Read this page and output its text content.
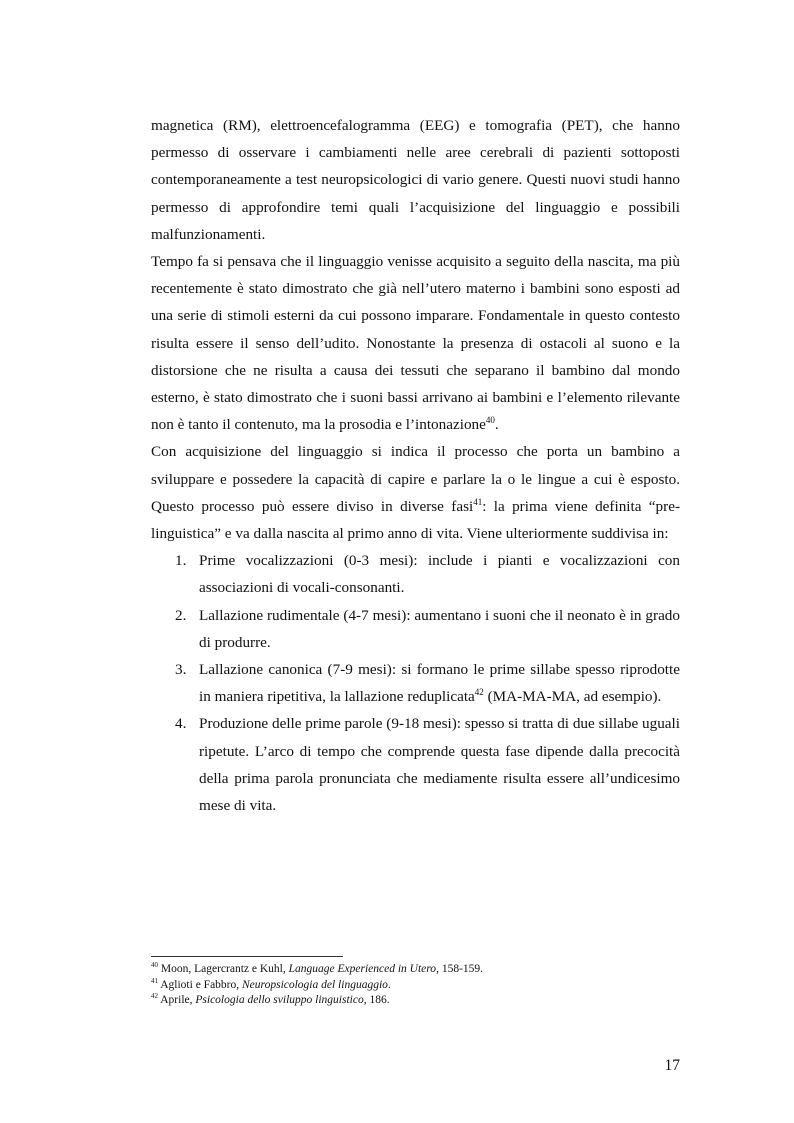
magnetica (RM), elettroencefalogramma (EEG) e tomografia (PET), che hanno permesso di osservare i cambiamenti nelle aree cerebrali di pazienti sottoposti contemporaneamente a test neuropsicologici di vario genere. Questi nuovi studi hanno permesso di approfondire temi quali l’acquisizione del linguaggio e possibili malfunzionamenti.

Tempo fa si pensava che il linguaggio venisse acquisito a seguito della nascita, ma più recentemente è stato dimostrato che già nell’utero materno i bambini sono esposti ad una serie di stimoli esterni da cui possono imparare. Fondamentale in questo contesto risulta essere il senso dell’udito. Nonostante la presenza di ostacoli al suono e la distorsione che ne risulta a causa dei tessuti che separano il bambino dal mondo esterno, è stato dimostrato che i suoni bassi arrivano ai bambini e l’elemento rilevante non è tanto il contenuto, ma la prosodia e l’intonazione$^{40}$.

Con acquisizione del linguaggio si indica il processo che porta un bambino a sviluppare e possedere la capacità di capire e parlare la o le lingue a cui è esposto. Questo processo può essere diviso in diverse fasi$^{41}$: la prima viene definita “pre-linguistica” e va dalla nascita al primo anno di vita. Viene ulteriormente suddivisa in:

1. Prime vocalizzazioni (0-3 mesi): include i pianti e vocalizzazioni con associazioni di vocali-consonanti.
2. Lallazione rudimentale (4-7 mesi): aumentano i suoni che il neonato è in grado di produrre.
3. Lallazione canonica (7-9 mesi): si formano le prime sillabe spesso riprodotte in maniera ripetitiva, la lallazione reduplicata$^{42}$ (MA-MA-MA, ad esempio).
4. Produzione delle prime parole (9-18 mesi): spesso si tratta di due sillabe uguali ripetute. L’arco di tempo che comprende questa fase dipende dalla precocità della prima parola pronunciata che mediamente risulta essere all’undicesimo mese di vita.

$^{40}$ Moon, Lagercrantz e Kuhl, Language Experienced in Utero, 158-159.

$^{41}$ Aglioti e Fabbro, Neuropsicologia del linguaggio.

$^{42}$ Aprile, Psicologia dello sviluppo linguistico, 186.

17
